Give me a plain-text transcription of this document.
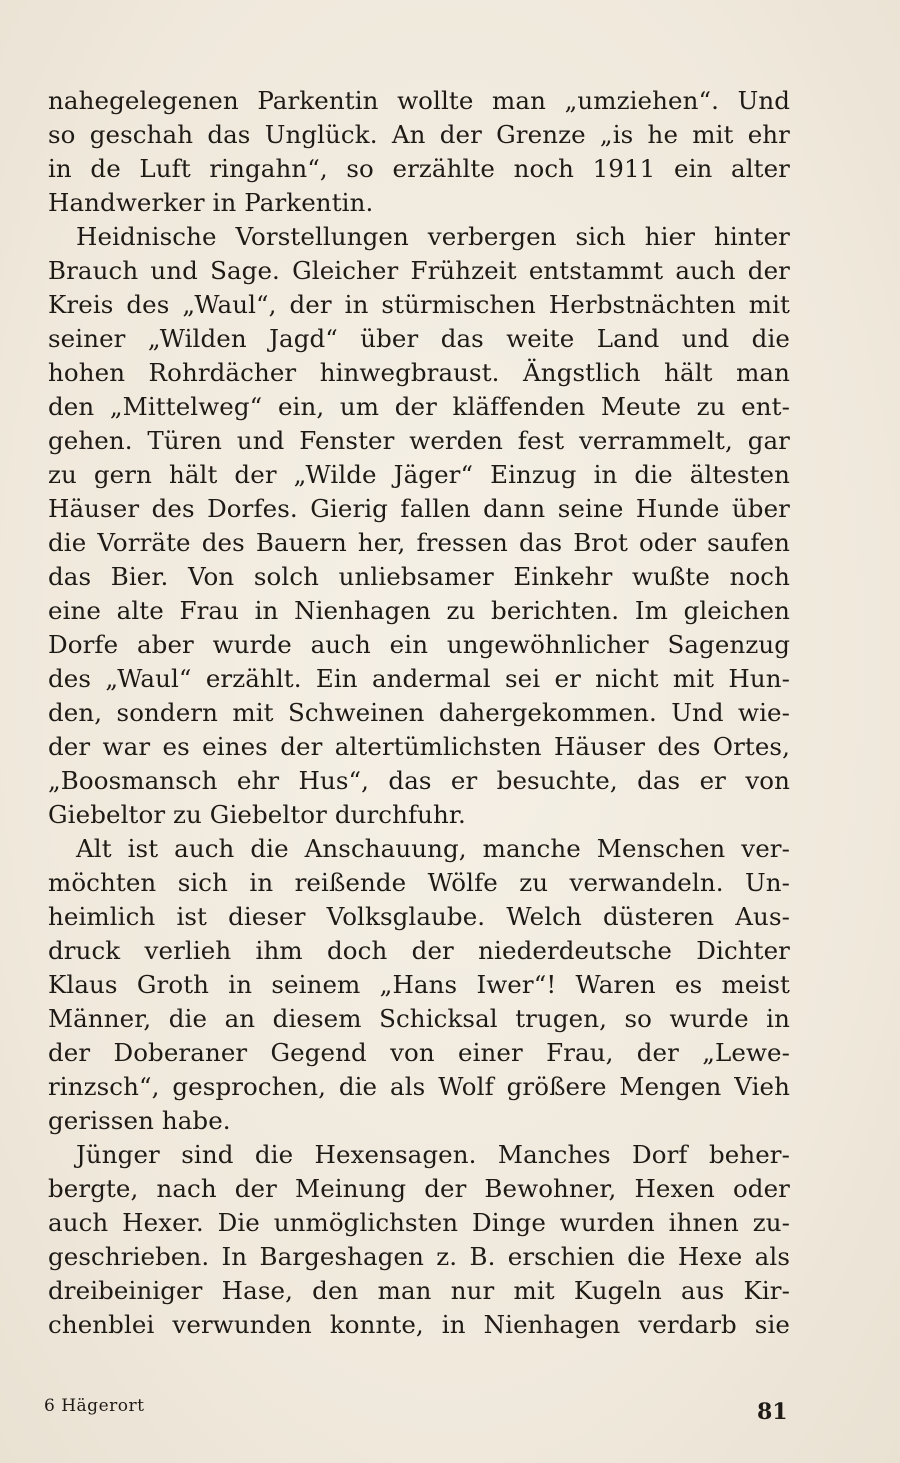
nahegelegenen Parkentin wollte man „umziehen“. Und
so geschah das Unglück. An der Grenze „is he mit ehr
in de Luft ringahn“, so erzählte noch 1911 ein alter
Handwerker in Parkentin.
Heidnische Vorstellungen verbergen sich hier hinter
Brauch und Sage. Gleicher Frühzeit entstammt auch der
Kreis des „Waul“, der in stürmischen Herbstnächten mit
seiner „Wilden Jagd“ über das weite Land und die
hohen Rohrdächer hinwegbraust. Ängstlich hält man
den „Mittelweg“ ein, um der kläffenden Meute zu ent-
gehen. Türen und Fenster werden fest verrammelt, gar
zu gern hält der „Wilde Jäger“ Einzug in die ältesten
Häuser des Dorfes. Gierig fallen dann seine Hunde über
die Vorräte des Bauern her, fressen das Brot oder saufen
das Bier. Von solch unliebsamer Einkehr wußte noch
eine alte Frau in Nienhagen zu berichten. Im gleichen
Dorfe aber wurde auch ein ungewöhnlicher Sagenzug
des „Waul“ erzählt. Ein andermal sei er nicht mit Hun-
den, sondern mit Schweinen dahergekommen. Und wie-
der war es eines der altertümlichsten Häuser des Ortes,
„Boosmansch ehr Hus“, das er besuchte, das er von
Giebeltor zu Giebeltor durchfuhr.
Alt ist auch die Anschauung, manche Menschen ver-
möchten sich in reißende Wölfe zu verwandeln. Un-
heimlich ist dieser Volksglaube. Welch düsteren Aus-
druck verlieh ihm doch der niederdeutsche Dichter
Klaus Groth in seinem „Hans Iwer“! Waren es meist
Männer, die an diesem Schicksal trugen, so wurde in
der Doberaner Gegend von einer Frau, der „Lewe-
rinzsch“, gesprochen, die als Wolf größere Mengen Vieh
gerissen habe.
Jünger sind die Hexensagen. Manches Dorf beher-
bergte, nach der Meinung der Bewohner, Hexen oder
auch Hexer. Die unmöglichsten Dinge wurden ihnen zu-
geschrieben. In Bargeshagen z. B. erschien die Hexe als
dreibeiniger Hase, den man nur mit Kugeln aus Kir-
chenblei verwunden konnte, in Nienhagen verdarb sie
6 Hägerort	81
